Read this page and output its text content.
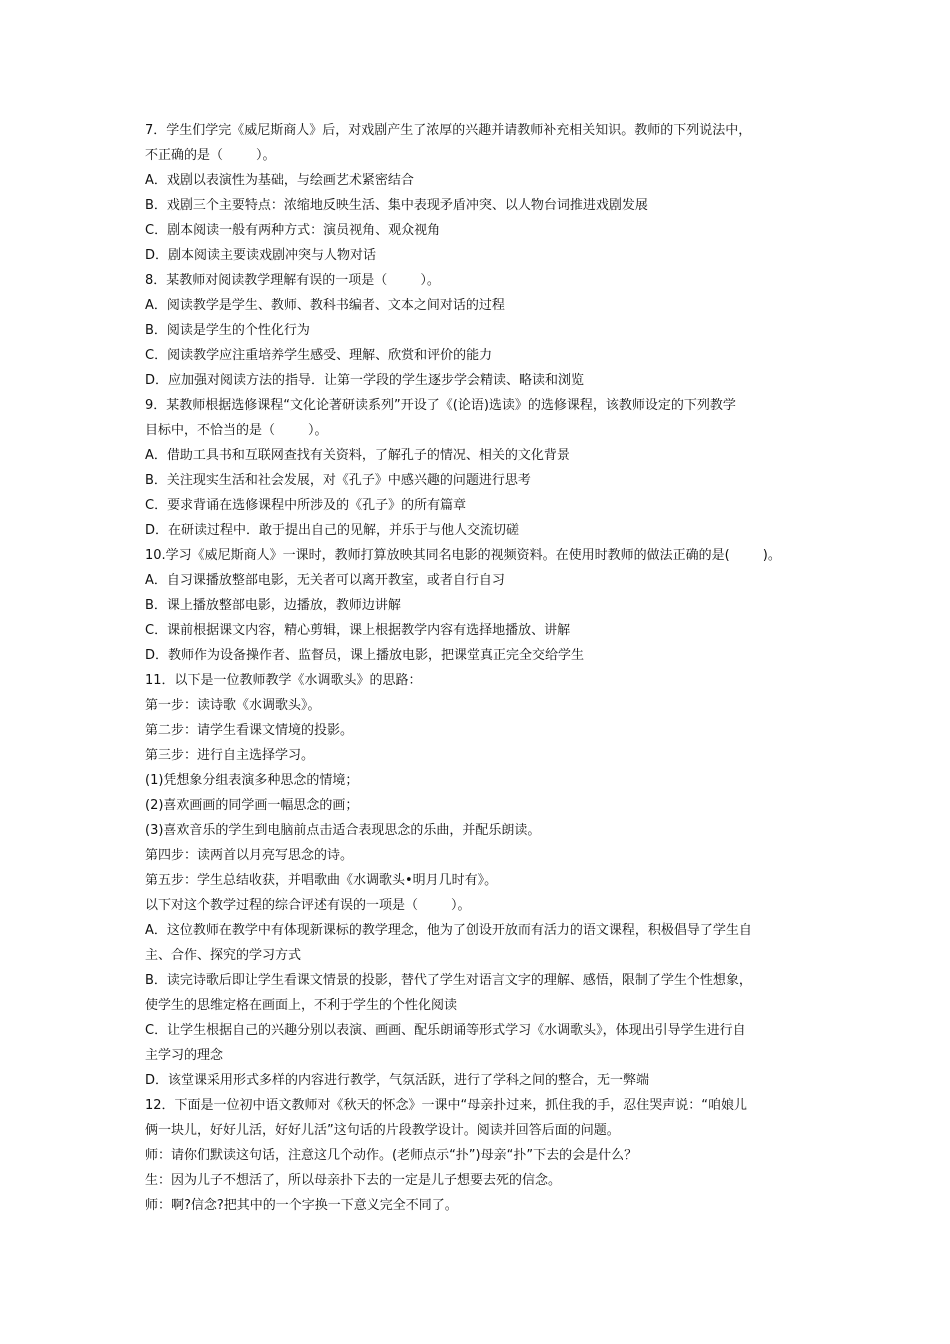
7．学生们学完《威尼斯商人》后，对戏剧产生了浓厚的兴趣并请教师补充相关知识。教师的下列说法中，
不正确的是（        ）。
A．戏剧以表演性为基础，与绘画艺术紧密结合
B．戏剧三个主要特点：浓缩地反映生活、集中表现矛盾冲突、以人物台词推进戏剧发展
C．剧本阅读一般有两种方式：演员视角、观众视角
D．剧本阅读主要读戏剧冲突与人物对话
8．某教师对阅读教学理解有误的一项是（        ）。
A．阅读教学是学生、教师、教科书编者、文本之间对话的过程
B．阅读是学生的个性化行为
C．阅读教学应注重培养学生感受、理解、欣赏和评价的能力
D．应加强对阅读方法的指导．让第一学段的学生逐步学会精读、略读和浏览
9．某教师根据选修课程“文化论著研读系列”开设了《(论语)选读》的选修课程，该教师设定的下列教学
目标中，不恰当的是（        ）。
A．借助工具书和互联网查找有关资料，了解孔子的情况、相关的文化背景
B．关注现实生活和社会发展，对《孔子》中感兴趣的问题进行思考
C．要求背诵在选修课程中所涉及的《孔子》的所有篇章
D．在研读过程中．敢于提出自己的见解，并乐于与他人交流切磋
10.学习《威尼斯商人》一课时，教师打算放映其同名电影的视频资料。在使用时教师的做法正确的是(        )。
A．自习课播放整部电影，无关者可以离开教室，或者自行自习
B．课上播放整部电影，边播放，教师边讲解
C．课前根据课文内容，精心剪辑，课上根据教学内容有选择地播放、讲解
D．教师作为设备操作者、监督员，课上播放电影，把课堂真正完全交给学生
11．以下是一位教师教学《水调歌头》的思路：
第一步：读诗歌《水调歌头》。
第二步：请学生看课文情境的投影。
第三步：进行自主选择学习。
(1)凭想象分组表演多种思念的情境；
(2)喜欢画画的同学画一幅思念的画；
(3)喜欢音乐的学生到电脑前点击适合表现思念的乐曲，并配乐朗读。
第四步：读两首以月亮写思念的诗。
第五步：学生总结收获，并唱歌曲《水调歌头•明月几时有》。
以下对这个教学过程的综合评述有误的一项是（        ）。
A．这位教师在教学中有体现新课标的教学理念，他为了创设开放而有活力的语文课程，积极倡导了学生自
主、合作、探究的学习方式
B．读完诗歌后即让学生看课文情景的投影，替代了学生对语言文字的理解、感悟，限制了学生个性想象，
使学生的思维定格在画面上，不利于学生的个性化阅读
C．让学生根据自己的兴趣分别以表演、画画、配乐朗诵等形式学习《水调歌头》，体现出引导学生进行自
主学习的理念
D．该堂课采用形式多样的内容进行教学，气氛活跃，进行了学科之间的整合，无一弊端
12．下面是一位初中语文教师对《秋天的怀念》一课中“母亲扑过来，抓住我的手，忍住哭声说：“咱娘儿
俩一块儿，好好儿活，好好儿活”这句话的片段教学设计。阅读并回答后面的问题。
师：请你们默读这句话，注意这几个动作。(老师点示“扑”)母亲“扑”下去的会是什么？
生：因为儿子不想活了，所以母亲扑下去的一定是儿子想要去死的信念。
师：啊?信念?把其中的一个字换一下意义完全不同了。
